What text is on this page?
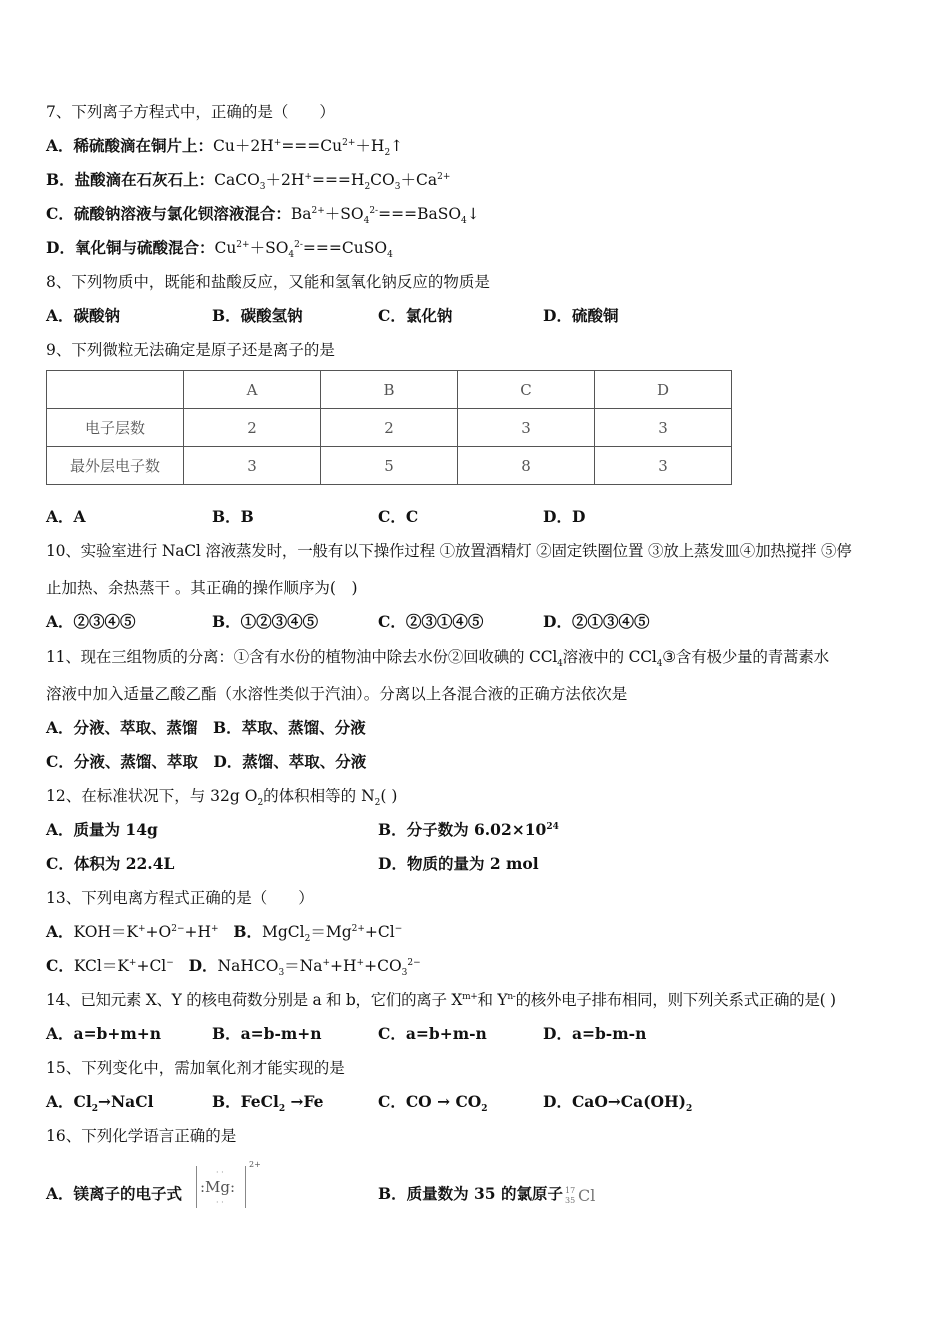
7、下列离子方程式中，正确的是（　　）
A．稀硫酸滴在铜片上：$Cu+2H^+===Cu^{2+}+H_2↑$
B．盐酸滴在石灰石上：$CaCO_3+2H^+===H_2CO_3+Ca^{2+}$
C．硫酸钠溶液与氯化钡溶液混合：$Ba^{2+}+SO_4^{2-}===BaSO_4↓$
D．氧化铜与硫酸混合：$Cu^{2+}+SO_4^{2-}===CuSO_4$
8、下列物质中，既能和盐酸反应，又能和氢氧化钠反应的物质是
A．碳酸钠	B．碳酸氢钠	C．氯化钠	D．硫酸铜
9、下列微粒无法确定是原子还是离子的是
	A	B	C	D
电子层数	2	2	3	3
最外层电子数	3	5	8	3
A．A	B．B	C．C	D．D
10、实验室进行 NaCl 溶液蒸发时，一般有以下操作过程 ①放置酒精灯 ②固定铁圈位置 ③放上蒸发皿④加热搅拌 ⑤停
止加热、余热蒸干 。其正确的操作顺序为(　)
A．②③④⑤	B．①②③④⑤	C．②③①④⑤	D．②①③④⑤
11、现在三组物质的分离：①含有水份的植物油中除去水份②回收碘的 CCl$_4$溶液中的 CCl$_4$③含有极少量的青蒿素水
溶液中加入适量乙酸乙酯（水溶性类似于汽油）。分离以上各混合液的正确方法依次是
A．分液、萃取、蒸馏　B．萃取、蒸馏、分液
C．分液、蒸馏、萃取　D．蒸馏、萃取、分液
12、在标准状况下，与 32g $O_2$的体积相等的 $N_2$( )
A．质量为 14g	B．分子数为 $6.02\times 10^{24}$
C．体积为 22.4L	D．物质的量为 2 mol
13、下列电离方程式正确的是（　　）
A．$KOH=K^++O^{2-}+H^+$ B．$MgCl_2=Mg^{2+}+Cl^-$
C．KCl＝K++Cl− D．$NaHCO_3=Na^++H^++CO_3^{2-}$
14、已知元素 X、Y 的核电荷数分别是 a 和 b，它们的离子 $X^{m+}$和 $Y^{n-}$的核外电子排布相同，则下列关系式正确的是( )
A．a=b+m+n	B．a=b-m+n	C．a=b+m-n	D．a=b-m-n
15、下列变化中，需加氧化剂才能实现的是
A．$Cl_2\to NaCl$	B．FeCl$_2$ →Fe	C．CO → $CO_2$	D．$CaO\to Ca(OH)_2$
16、下列化学语言正确的是
A．镁离子的电子式 :Mg:
· ·
· ·
2+
B．质量数为 35 的氯原子 17
35 Cl
